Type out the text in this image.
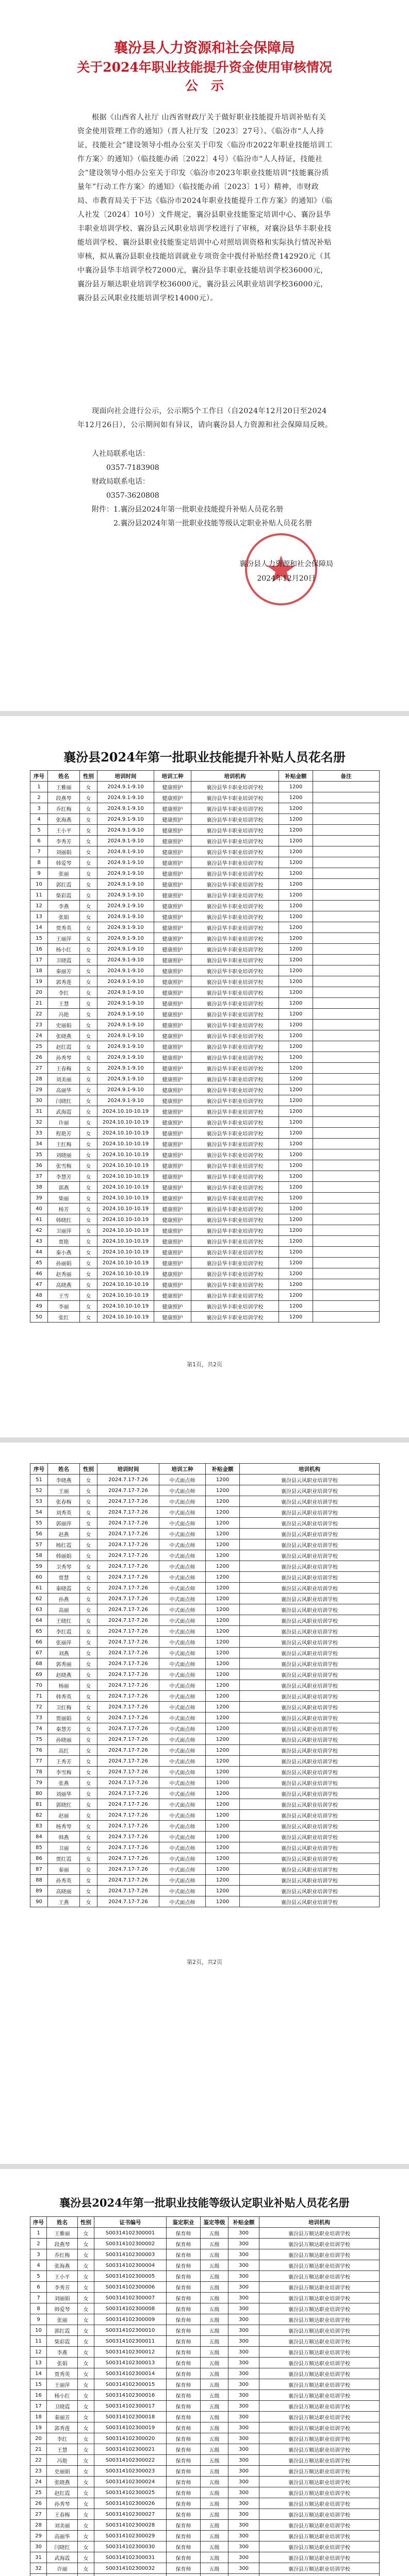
襄汾县人力资源和社会保障局
关于2024年职业技能提升资金使用审核情况
公　示

根据《山西省人社厅 山西省财政厅关于做好职业技能提升培训补贴有关资金使用管理工作的通知》（晋人社厅发〔2023〕27号）、《临汾市“人人持证，技能社会”建设领导小组办公室关于印发〈临汾市2022年职业技能培训工作方案〉的通知》（临技能办函〔2022〕4号）《临汾市“人人持证，技能社会”建设领导小组办公室关于印发〈临汾市2023年职业技能培训“技能襄汾质量年”行动工作方案〉的通知》（临技能办函〔2023〕1号）精神，市财政局、市教育局关于下达《临汾市2024年职业技能提升工作方案》的通知》（临人社发〔2024〕10号）文件规定，襄汾县职业技能鉴定培训中心、襄汾县华丰职业培训学校、襄汾县云风职业培训学校进行了审核，对襄汾县华丰职业技能培训学校、襄汾县职业技能鉴定培训中心对照培训资格和实际执行情况补贴审核，拟从襄汾县职业技能培训就业专项资金中拨付补贴经费142920元（其中襄汾县华丰培训学校72000元，襄汾县华丰职业技能培训学校36000元，襄汾县万顺达职业培训学校36000元，襄汾县云风职业培训学校36000元，襄汾县云风职业技能培训学校14000元）。

现面向社会进行公示，公示期5个工作日（自2024年12月20日至2024年12月26日），公示期间如有异议，请向襄汾县人力资源和社会保障局反映。

人社局联系电话：

0357-7183908

财政局联系电话：

0357-3620808

附件：1.襄汾县2024年第一批职业技能提升补贴人员花名册

2.襄汾县2024年第一批职业技能等级认定职业补贴人员花名册

襄汾县人力资源和社会保障局
2024年12月20日
襄汾县2024年第一批职业技能提升补贴人员花名册
序号	姓名	性别	培训时间	培训工种	培训机构	补贴金额	备注
1	王雅丽	女	2024.9.1-9.10	健康照护	襄汾县华丰职业培训学校	1200	
2	段燕琴	女	2024.9.1-9.10	健康照护	襄汾县华丰职业培训学校	1200	
3	乔红梅	女	2024.9.1-9.10	健康照护	襄汾县华丰职业培训学校	1200	
4	张海燕	女	2024.9.1-9.10	健康照护	襄汾县华丰职业培训学校	1200	
5	王小平	女	2024.9.1-9.10	健康照护	襄汾县华丰职业培训学校	1200	
6	李秀芳	女	2024.9.1-9.10	健康照护	襄汾县华丰职业培训学校	1200	
7	刘丽娟	女	2024.9.1-9.10	健康照护	襄汾县华丰职业培训学校	1200	
8	韩爱琴	女	2024.9.1-9.10	健康照护	襄汾县华丰职业培训学校	1200	
9	张丽	女	2024.9.1-9.10	健康照护	襄汾县华丰职业培训学校	1200	
10	郭红霞	女	2024.9.1-9.10	健康照护	襄汾县华丰职业培训学校	1200	
11	柴彩霞	女	2024.9.1-9.10	健康照护	襄汾县华丰职业培训学校	1200	
12	李燕	女	2024.9.1-9.10	健康照护	襄汾县华丰职业培训学校	1200	
13	张娟	女	2024.9.1-9.10	健康照护	襄汾县华丰职业培训学校	1200	
14	贾秀英	女	2024.9.1-9.10	健康照护	襄汾县华丰职业培训学校	1200	
15	王丽萍	女	2024.9.1-9.10	健康照护	襄汾县华丰职业培训学校	1200	
16	杨小红	女	2024.9.1-9.10	健康照护	襄汾县华丰职业培训学校	1200	
17	卫晓霞	女	2024.9.1-9.10	健康照护	襄汾县华丰职业培训学校	1200	
18	秦丽芳	女	2024.9.1-9.10	健康照护	襄汾县华丰职业培训学校	1200	
19	郭秀莲	女	2024.9.1-9.10	健康照护	襄汾县华丰职业培训学校	1200	
20	李红	女	2024.9.1-9.10	健康照护	襄汾县华丰职业培训学校	1200	
21	王慧	女	2024.9.1-9.10	健康照护	襄汾县华丰职业培训学校	1200	
22	冯艳	女	2024.9.1-9.10	健康照护	襄汾县华丰职业培训学校	1200	
23	史丽娟	女	2024.9.1-9.10	健康照护	襄汾县华丰职业培训学校	1200	
24	张晓燕	女	2024.9.1-9.10	健康照护	襄汾县华丰职业培训学校	1200	
25	赵红霞	女	2024.9.1-9.10	健康照护	襄汾县华丰职业培训学校	1200	
26	孙秀琴	女	2024.9.1-9.10	健康照护	襄汾县华丰职业培训学校	1200	
27	王春梅	女	2024.9.1-9.10	健康照护	襄汾县华丰职业培训学校	1200	
28	刘美丽	女	2024.9.1-9.10	健康照护	襄汾县华丰职业培训学校	1200	
29	高丽华	女	2024.9.1-9.10	健康照护	襄汾县华丰职业培训学校	1200	
30	闫晓红	女	2024.9.1-9.10	健康照护	襄汾县华丰职业培训学校	1200	
31	武海霞	女	2024.10.10-10.19	健康照护	襄汾县华丰职业培训学校	1200	
32	许丽	女	2024.10.10-10.19	健康照护	襄汾县华丰职业培训学校	1200	
33	程艳芳	女	2024.10.10-10.19	健康照护	襄汾县华丰职业培训学校	1200	
34	王红梅	女	2024.10.10-10.19	健康照护	襄汾县华丰职业培训学校	1200	
35	刘晓丽	女	2024.10.10-10.19	健康照护	襄汾县华丰职业培训学校	1200	
36	张雪梅	女	2024.10.10-10.19	健康照护	襄汾县华丰职业培训学校	1200	
37	李慧芳	女	2024.10.10-10.19	健康照护	襄汾县华丰职业培训学校	1200	
38	郭燕	女	2024.10.10-10.19	健康照护	襄汾县华丰职业培训学校	1200	
39	柴丽	女	2024.10.10-10.19	健康照护	襄汾县华丰职业培训学校	1200	
40	杨芳	女	2024.10.10-10.19	健康照护	襄汾县华丰职业培训学校	1200	
41	韩晓红	女	2024.10.10-10.19	健康照护	襄汾县华丰职业培训学校	1200	
42	卫丽萍	女	2024.10.10-10.19	健康照护	襄汾县华丰职业培训学校	1200	
43	贾艳	女	2024.10.10-10.19	健康照护	襄汾县华丰职业培训学校	1200	
44	秦小燕	女	2024.10.10-10.19	健康照护	襄汾县华丰职业培训学校	1200	
45	孙丽娟	女	2024.10.10-10.19	健康照护	襄汾县华丰职业培训学校	1200	
46	赵秀丽	女	2024.10.10-10.19	健康照护	襄汾县华丰职业培训学校	1200	
47	高晓燕	女	2024.10.10-10.19	健康照护	襄汾县华丰职业培训学校	1200	
48	王雪	女	2024.10.10-10.19	健康照护	襄汾县华丰职业培训学校	1200	
49	李丽	女	2024.10.10-10.19	健康照护	襄汾县华丰职业培训学校	1200	
50	张红	女	2024.10.10-10.19	健康照护	襄汾县华丰职业培训学校	1200	
第1页，共2页
序号	姓名	性别	培训时间	培训工种	补贴金额	培训机构
51	李晓燕	女	2024.7.17-7.26	中式面点师	1200	襄汾县云风职业培训学校
52	王丽	女	2024.7.17-7.26	中式面点师	1200	襄汾县云风职业培训学校
53	张春梅	女	2024.7.17-7.26	中式面点师	1200	襄汾县云风职业培训学校
54	刘秀英	女	2024.7.17-7.26	中式面点师	1200	襄汾县云风职业培训学校
55	郭丽萍	女	2024.7.17-7.26	中式面点师	1200	襄汾县云风职业培训学校
56	赵燕	女	2024.7.17-7.26	中式面点师	1200	襄汾县云风职业培训学校
57	杨红霞	女	2024.7.17-7.26	中式面点师	1200	襄汾县云风职业培训学校
58	韩丽娟	女	2024.7.17-7.26	中式面点师	1200	襄汾县云风职业培训学校
59	卫秀琴	女	2024.7.17-7.26	中式面点师	1200	襄汾县云风职业培训学校
60	贾慧	女	2024.7.17-7.26	中式面点师	1200	襄汾县云风职业培训学校
61	秦晓霞	女	2024.7.17-7.26	中式面点师	1200	襄汾县云风职业培训学校
62	孙燕	女	2024.7.17-7.26	中式面点师	1200	襄汾县云风职业培训学校
63	高丽	女	2024.7.17-7.26	中式面点师	1200	襄汾县云风职业培训学校
64	王晓红	女	2024.7.17-7.26	中式面点师	1200	襄汾县云风职业培训学校
65	李红霞	女	2024.7.17-7.26	中式面点师	1200	襄汾县云风职业培训学校
66	张丽萍	女	2024.7.17-7.26	中式面点师	1200	襄汾县云风职业培训学校
67	刘燕	女	2024.7.17-7.26	中式面点师	1200	襄汾县云风职业培训学校
68	郭秀丽	女	2024.7.17-7.26	中式面点师	1200	襄汾县云风职业培训学校
69	赵晓燕	女	2024.7.17-7.26	中式面点师	1200	襄汾县云风职业培训学校
70	杨丽	女	2024.7.17-7.26	中式面点师	1200	襄汾县云风职业培训学校
71	韩秀英	女	2024.7.17-7.26	中式面点师	1200	襄汾县云风职业培训学校
72	卫红梅	女	2024.7.17-7.26	中式面点师	1200	襄汾县云风职业培训学校
73	贾丽娟	女	2024.7.17-7.26	中式面点师	1200	襄汾县云风职业培训学校
74	秦慧芳	女	2024.7.17-7.26	中式面点师	1200	襄汾县云风职业培训学校
75	孙晓丽	女	2024.7.17-7.26	中式面点师	1200	襄汾县云风职业培训学校
76	高红	女	2024.7.17-7.26	中式面点师	1200	襄汾县云风职业培训学校
77	王秀芳	女	2024.7.17-7.26	中式面点师	1200	襄汾县云风职业培训学校
78	李雪梅	女	2024.7.17-7.26	中式面点师	1200	襄汾县云风职业培训学校
79	张燕	女	2024.7.17-7.26	中式面点师	1200	襄汾县云风职业培训学校
80	刘丽华	女	2024.7.17-7.26	中式面点师	1200	襄汾县云风职业培训学校
81	郭晓红	女	2024.7.17-7.26	中式面点师	1200	襄汾县云风职业培训学校
82	赵丽	女	2024.7.17-7.26	中式面点师	1200	襄汾县云风职业培训学校
83	杨秀琴	女	2024.7.17-7.26	中式面点师	1200	襄汾县云风职业培训学校
84	韩燕	女	2024.7.17-7.26	中式面点师	1200	襄汾县云风职业培训学校
85	卫丽	女	2024.7.17-7.26	中式面点师	1200	襄汾县云风职业培训学校
86	贾红霞	女	2024.7.17-7.26	中式面点师	1200	襄汾县云风职业培训学校
87	秦丽	女	2024.7.17-7.26	中式面点师	1200	襄汾县云风职业培训学校
88	孙秀英	女	2024.7.17-7.26	中式面点师	1200	襄汾县云风职业培训学校
89	高晓丽	女	2024.7.17-7.26	中式面点师	1200	襄汾县云风职业培训学校
90	王燕	女	2024.7.17-7.26	中式面点师	1200	襄汾县云风职业培训学校
第2页，共2页
襄汾县2024年第一批职业技能等级认定职业补贴人员花名册
序号	姓名	性别	证书编号	鉴定职业	鉴定等级	补贴金额	培训机构
1	王雅丽	女	S00314102300001	保育师	五级	300	襄汾县万顺达职业培训学校
2	段燕琴	女	S00314102300002	保育师	五级	300	襄汾县万顺达职业培训学校
3	乔红梅	女	S00314102300003	保育师	五级	300	襄汾县万顺达职业培训学校
4	张海燕	女	S00314102300004	保育师	五级	300	襄汾县万顺达职业培训学校
5	王小平	女	S00314102300005	保育师	五级	300	襄汾县万顺达职业培训学校
6	李秀芳	女	S00314102300006	保育师	五级	300	襄汾县万顺达职业培训学校
7	刘丽娟	女	S00314102300007	保育师	五级	300	襄汾县万顺达职业培训学校
8	韩爱琴	女	S00314102300008	保育师	五级	300	襄汾县万顺达职业培训学校
9	张丽	女	S00314102300009	保育师	五级	300	襄汾县万顺达职业培训学校
10	郭红霞	女	S00314102300010	保育师	五级	300	襄汾县万顺达职业培训学校
11	柴彩霞	女	S00314102300011	保育师	五级	300	襄汾县万顺达职业培训学校
12	李燕	女	S00314102300012	保育师	五级	300	襄汾县万顺达职业培训学校
13	张娟	女	S00314102300013	保育师	五级	300	襄汾县万顺达职业培训学校
14	贾秀英	女	S00314102300014	保育师	五级	300	襄汾县万顺达职业培训学校
15	王丽萍	女	S00314102300015	保育师	五级	300	襄汾县万顺达职业培训学校
16	杨小红	女	S00314102300016	保育师	五级	300	襄汾县万顺达职业培训学校
17	卫晓霞	女	S00314102300017	保育师	五级	300	襄汾县万顺达职业培训学校
18	秦丽芳	女	S00314102300018	保育师	五级	300	襄汾县万顺达职业培训学校
19	郭秀莲	女	S00314102300019	保育师	五级	300	襄汾县万顺达职业培训学校
20	李红	女	S00314102300020	保育师	五级	300	襄汾县万顺达职业培训学校
21	王慧	女	S00314102300021	保育师	五级	300	襄汾县万顺达职业培训学校
22	冯艳	女	S00314102300022	保育师	五级	300	襄汾县万顺达职业培训学校
23	史丽娟	女	S00314102300023	保育师	五级	300	襄汾县万顺达职业培训学校
24	张晓燕	女	S00314102300024	保育师	五级	300	襄汾县万顺达职业培训学校
25	赵红霞	女	S00314102300025	保育师	五级	300	襄汾县万顺达职业培训学校
26	孙秀琴	女	S00314102300026	保育师	五级	300	襄汾县万顺达职业培训学校
27	王春梅	女	S00314102300027	保育师	五级	300	襄汾县万顺达职业培训学校
28	刘美丽	女	S00314102300028	保育师	五级	300	襄汾县万顺达职业培训学校
29	高丽华	女	S00314102300029	保育师	五级	300	襄汾县万顺达职业培训学校
30	闫晓红	女	S00314102300030	保育师	五级	300	襄汾县万顺达职业培训学校
31	武海霞	女	S00314102300031	保育师	五级	300	襄汾县万顺达职业培训学校
32	许丽	女	S00314102300032	保育师	五级	300	襄汾县万顺达职业培训学校
